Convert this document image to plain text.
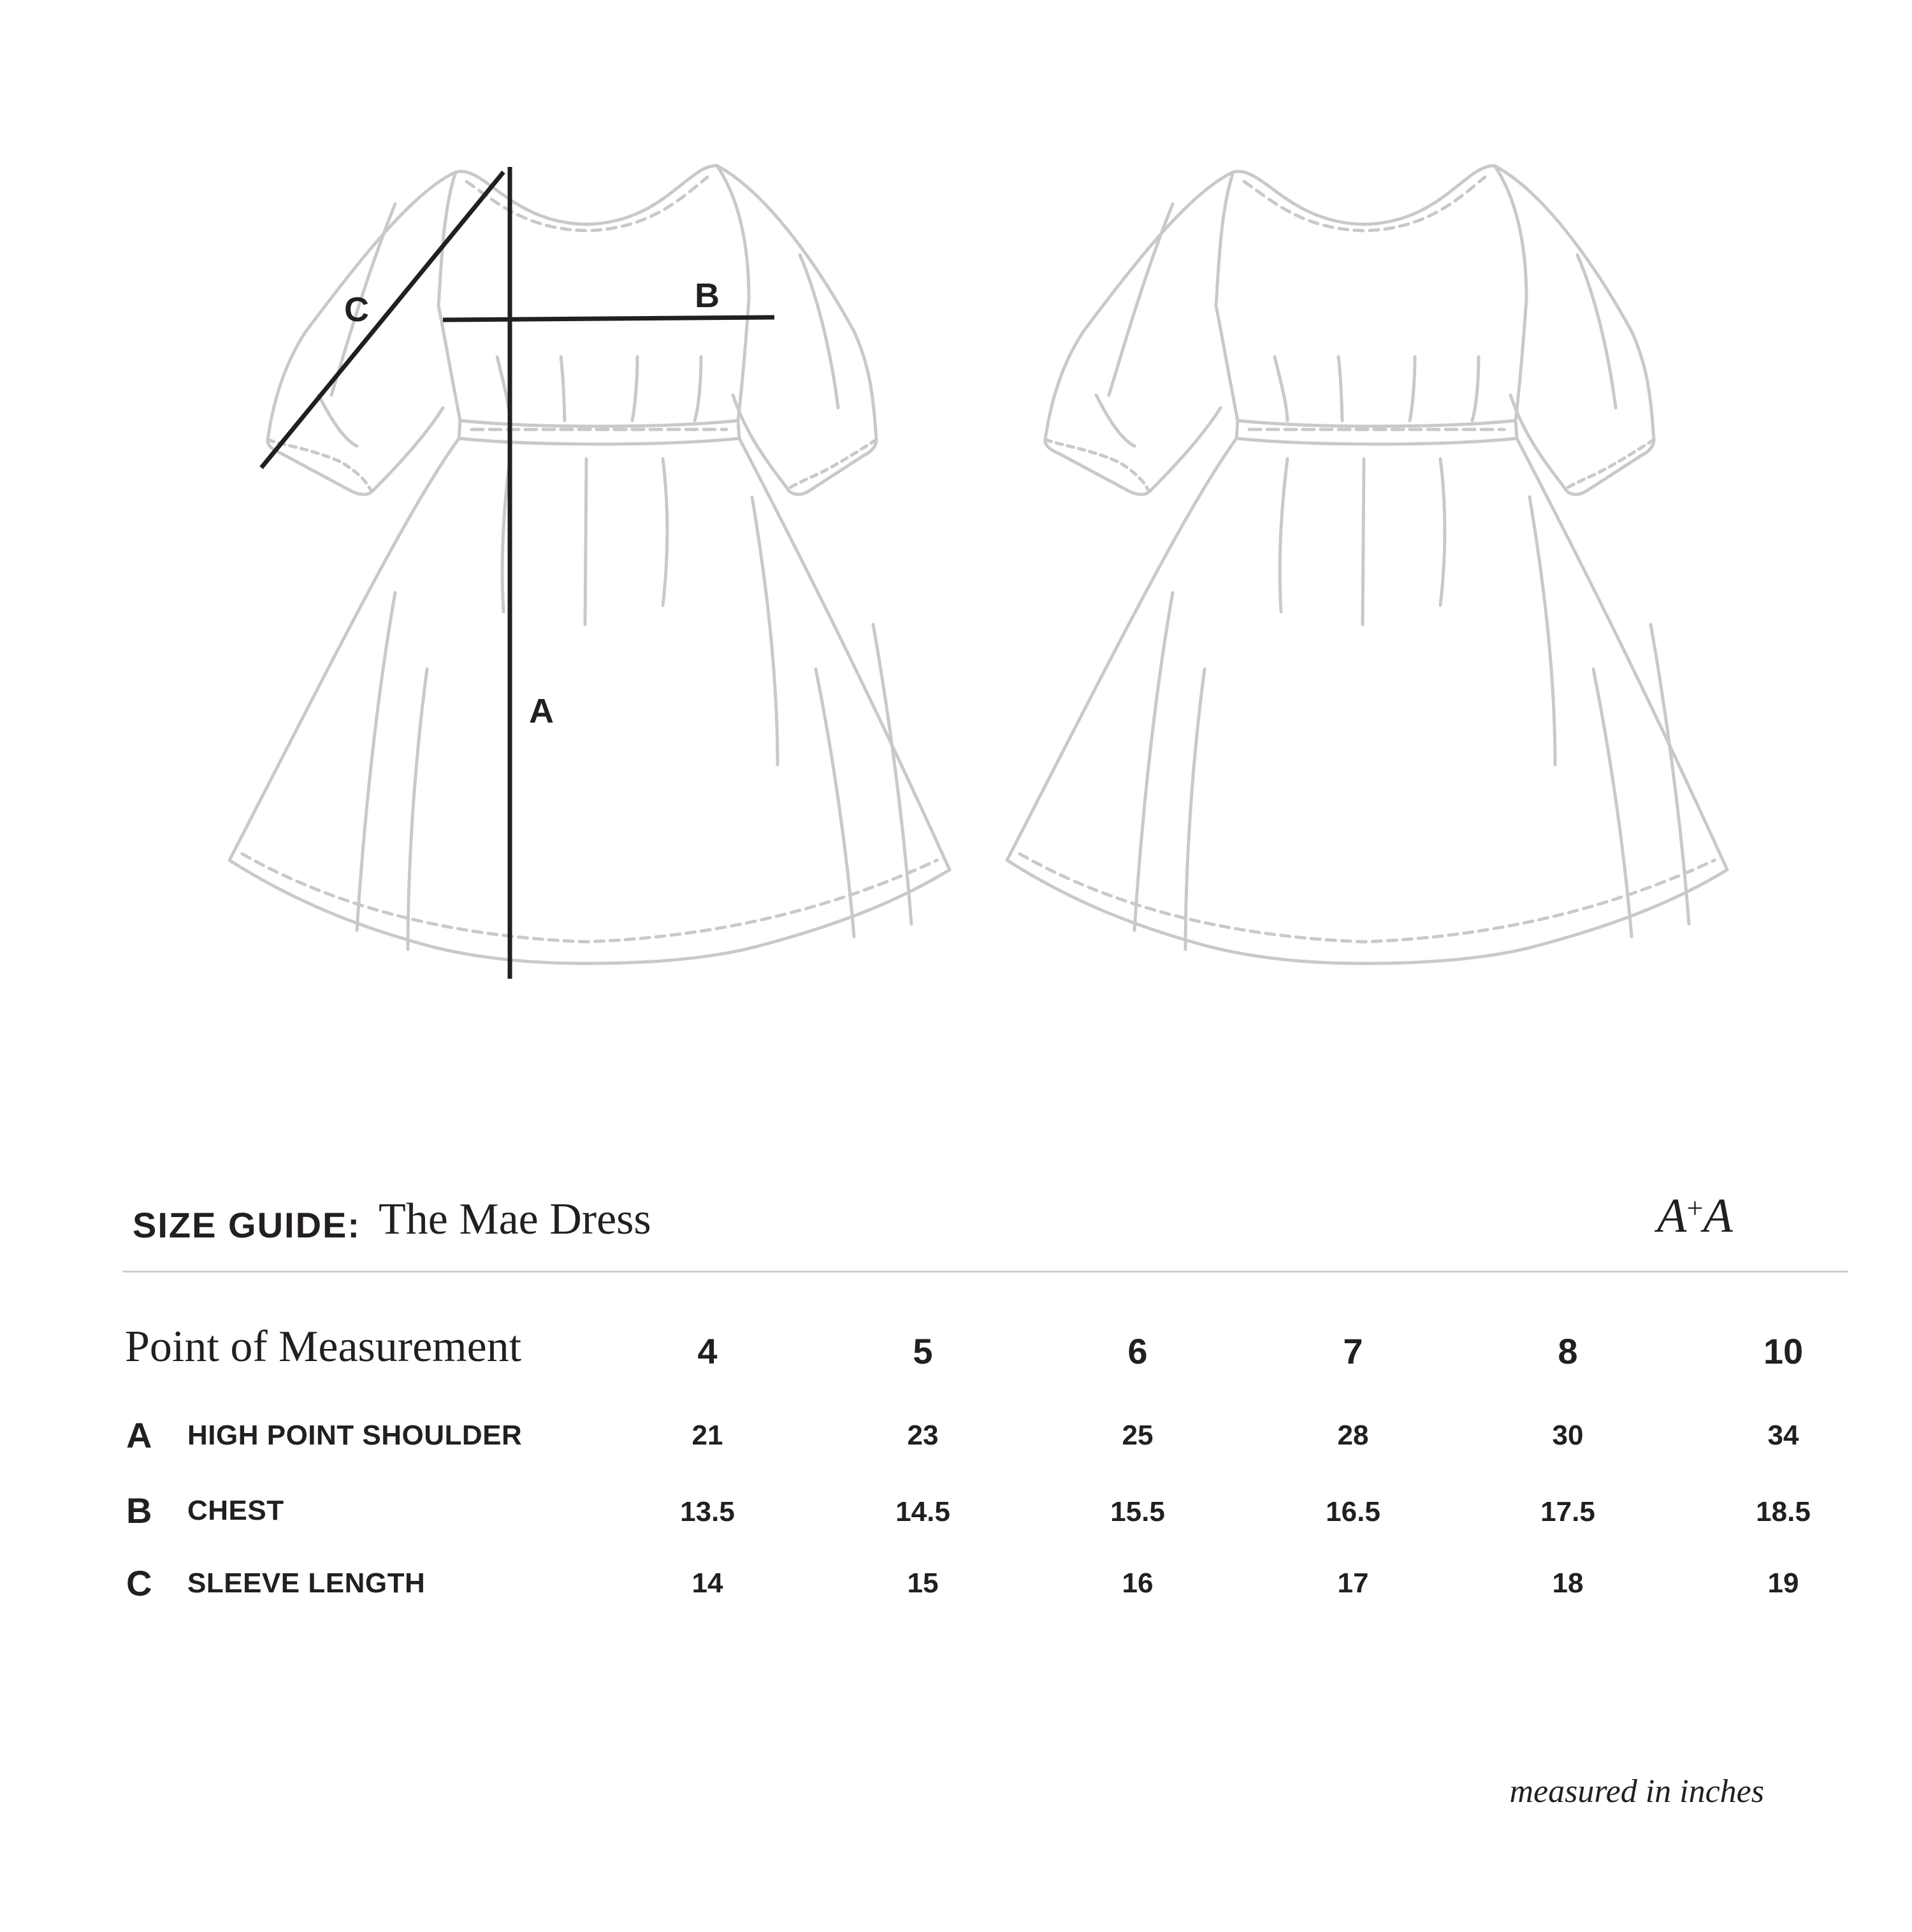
A
B
C
SIZE GUIDE: The Mae Dress	A+A
Point of Measurement	4	5	6	7	8	10
A	HIGH POINT SHOULDER	21	23	25	28	30	34
B	CHEST	13.5	14.5	15.5	16.5	17.5	18.5
C	SLEEVE LENGTH	14	15	16	17	18	19
measured in inches
